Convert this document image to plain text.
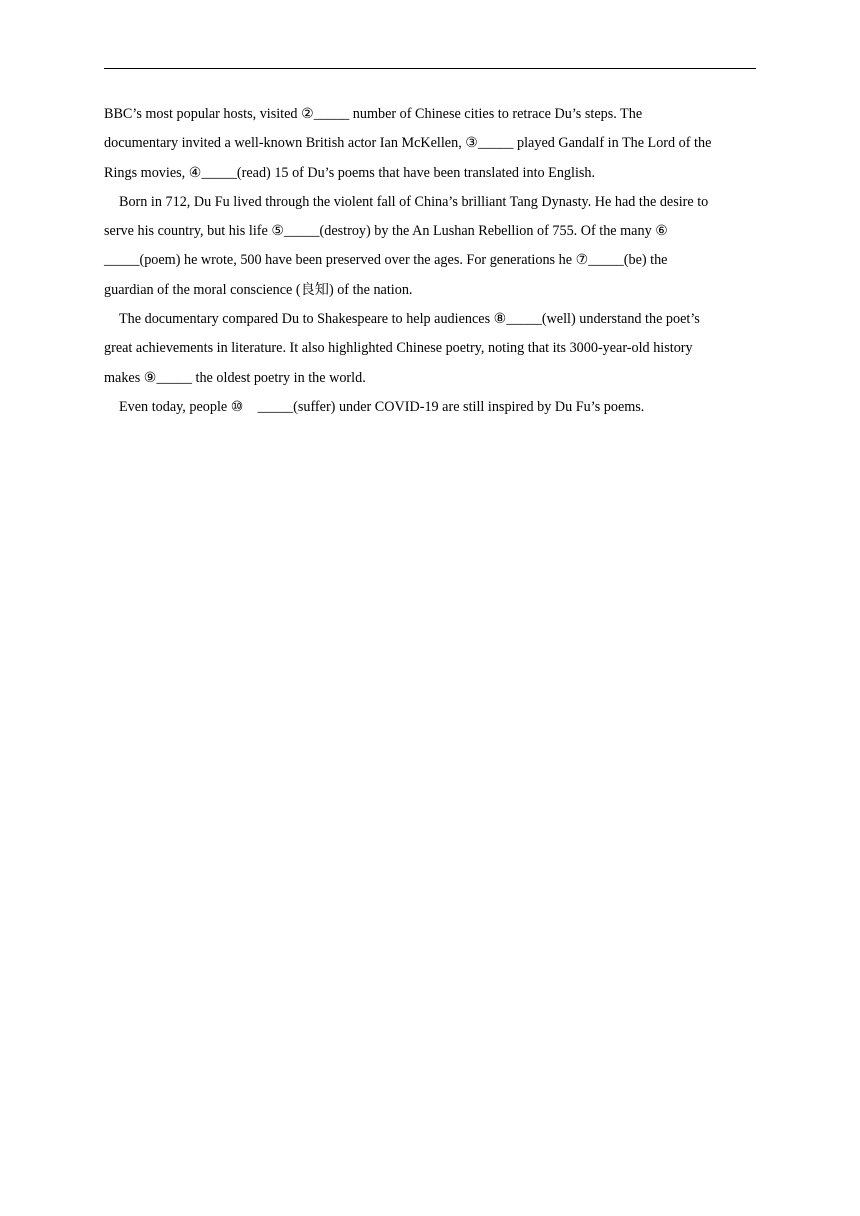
BBC’s most popular hosts, visited ②_____ number of Chinese cities to retrace Du’s steps. The

documentary invited a well-known British actor Ian McKellen, ③_____ played Gandalf in The Lord of the

Rings movies, ④_____(read) 15 of Du’s poems that have been translated into English.

Born in 712, Du Fu lived through the violent fall of China’s brilliant Tang Dynasty. He had the desire to

serve his country, but his life ⑤_____(destroy) by the An Lushan Rebellion of 755. Of the many ⑥

_____(poem) he wrote, 500 have been preserved over the ages. For generations he ⑦_____(be) the

guardian of the moral conscience (良知) of the nation.

The documentary compared Du to Shakespeare to help audiences ⑧_____(well) understand the poet’s

great achievements in literature. It also highlighted Chinese poetry, noting that its 3000-year-old history

makes ⑨_____ the oldest poetry in the world.

Even today, people ⑩    _____(suffer) under COVID-19 are still inspired by Du Fu’s poems.
